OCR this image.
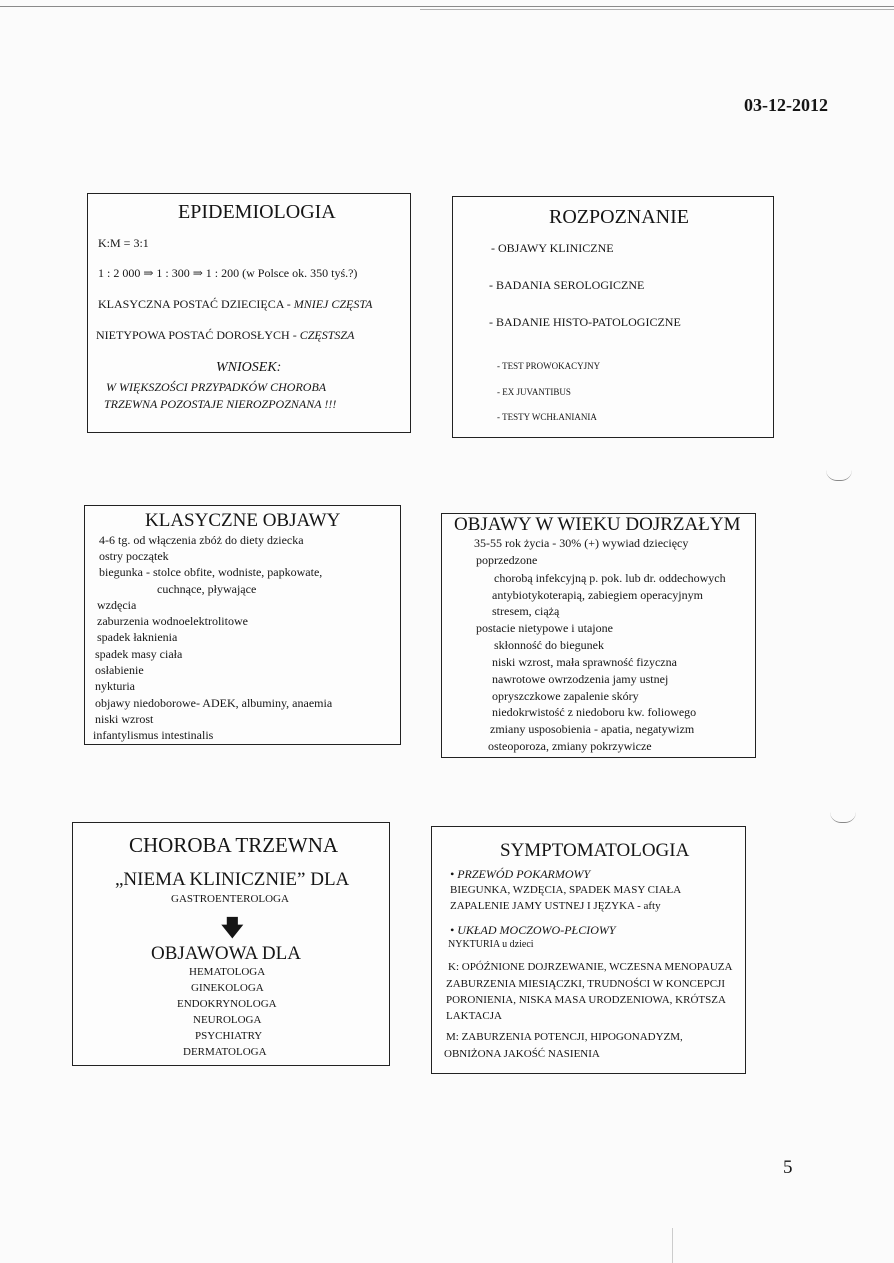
03-12-2012
EPIDEMIOLOGIA
K:M = 3:1
1 : 2 000 ⇒ 1 : 300 ⇒ 1 : 200 (w Polsce ok. 350 tyś.?)
KLASYCZNA POSTAĆ DZIECIĘCA - MNIEJ CZĘSTA
NIETYPOWA POSTAĆ DOROSŁYCH - CZĘSTSZA
WNIOSEK:
W WIĘKSZOŚCI PRZYPADKÓW CHOROBA
TRZEWNA POZOSTAJE NIEROZPOZNANA !!!
ROZPOZNANIE
- OBJAWY KLINICZNE
- BADANIA SEROLOGICZNE
- BADANIE HISTO-PATOLOGICZNE
- TEST PROWOKACYJNY
- EX JUVANTIBUS
- TESTY WCHŁANIANIA
KLASYCZNE OBJAWY
4-6 tg. od włączenia zbóż do diety dziecka
ostry początek
biegunka - stolce obfite, wodniste, papkowate,
cuchnące, pływające
wzdęcia
zaburzenia wodnoelektrolitowe
spadek łaknienia
spadek masy ciała
osłabienie
nykturia
objawy niedoborowe- ADEK, albuminy, anaemia
niski wzrost
infantylismus intestinalis
OBJAWY W WIEKU DOJRZAŁYM
35-55 rok życia - 30% (+) wywiad dziecięcy
poprzedzone
chorobą infekcyjną p. pok. lub dr. oddechowych
antybiotykoterapią, zabiegiem operacyjnym
stresem, ciążą
postacie nietypowe i utajone
skłonność do biegunek
niski wzrost, mała sprawność fizyczna
nawrotowe owrzodzenia jamy ustnej
opryszczkowe zapalenie skóry
niedokrwistość z niedoboru kw. foliowego
zmiany usposobienia - apatia, negatywizm
osteoporoza, zmiany pokrzywicze
CHOROBA TRZEWNA
„NIEMA KLINICZNIE” DLA
GASTROENTEROLOGA
🡇
OBJAWOWA DLA
HEMATOLOGA
GINEKOLOGA
ENDOKRYNOLOGA
NEUROLOGA
PSYCHIATRY
DERMATOLOGA
SYMPTOMATOLOGIA
• PRZEWÓD POKARMOWY
BIEGUNKA, WZDĘCIA, SPADEK MASY CIAŁA
ZAPALENIE JAMY USTNEJ I JĘZYKA - afty
• UKŁAD MOCZOWO-PŁCIOWY
NYKTURIA u dzieci
K: OPÓŹNIONE DOJRZEWANIE, WCZESNA MENOPAUZA
ZABURZENIA MIESIĄCZKI, TRUDNOŚCI W KONCEPCJI
PORONIENIA, NISKA MASA URODZENIOWA, KRÓTSZA
LAKTACJA
M: ZABURZENIA POTENCJI, HIPOGONADYZM,
OBNIŻONA JAKOŚĆ NASIENIA
5
